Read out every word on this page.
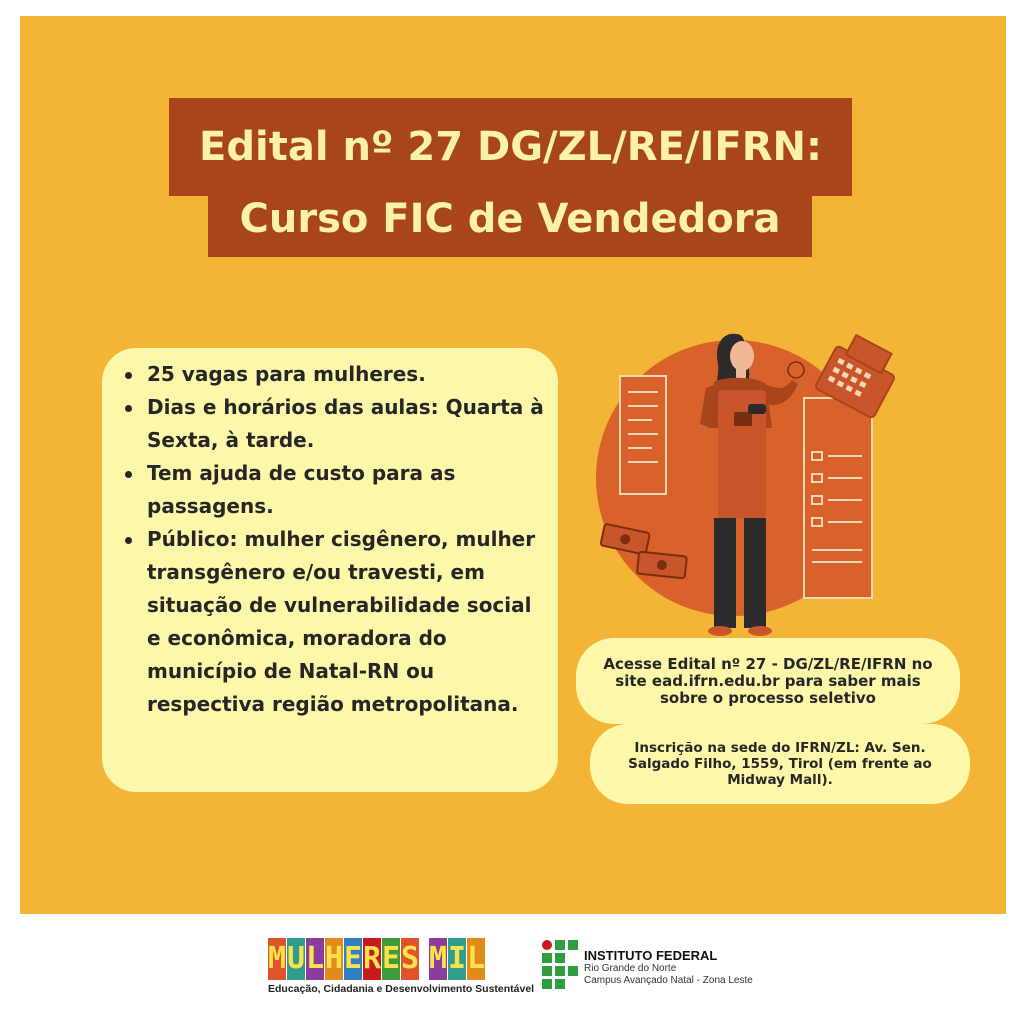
Edital nº 27 DG/ZL/RE/IFRN:
Curso FIC de Vendedora
25 vagas para mulheres.
Dias e horários das aulas: Quarta à Sexta, à tarde.
Tem ajuda de custo para as passagens.
Público: mulher cisgênero, mulher transgênero e/ou travesti, em situação de vulnerabilidade social e econômica, moradora do município de Natal-RN ou respectiva região metropolitana.
Acesse Edital nº 27 - DG/ZL/RE/IFRN no site ead.ifrn.edu.br para saber mais sobre o processo seletivo
Inscrição na sede do IFRN/ZL: Av. Sen. Salgado Filho, 1559, Tirol (em frente ao Midway Mall).
M U L H E R E S M I L
Educação, Cidadania e Desenvolvimento Sustentável
INSTITUTO FEDERAL
Rio Grande do Norte
Campus Avançado Natal - Zona Leste
